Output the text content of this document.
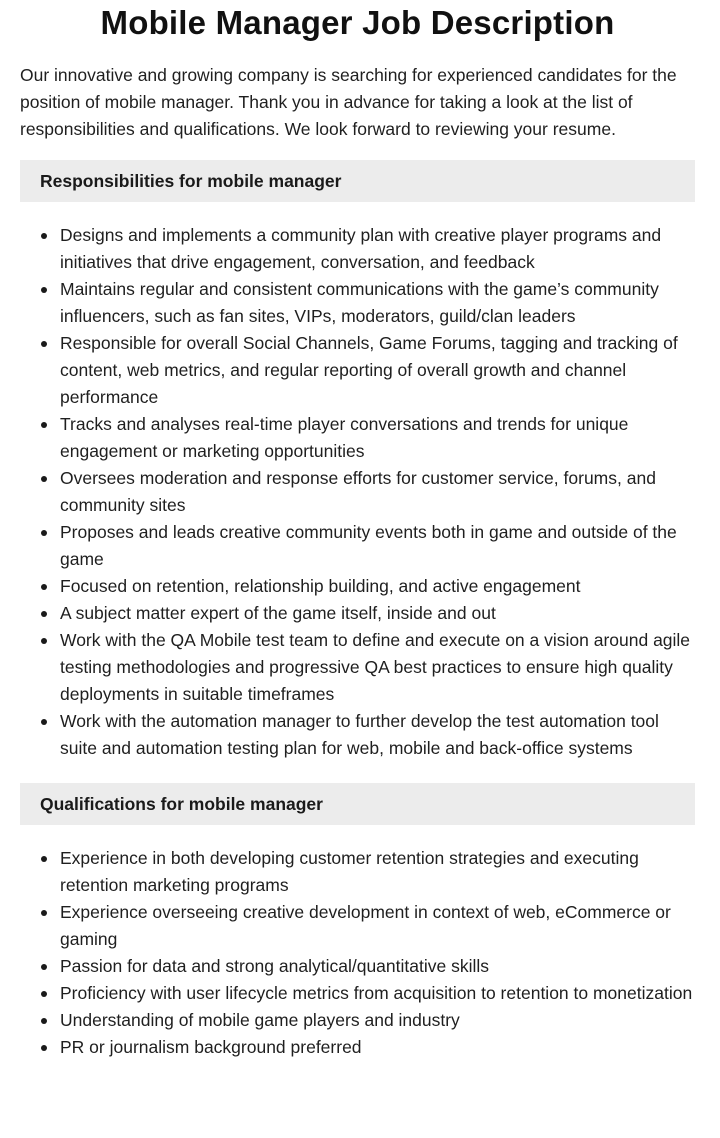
Mobile Manager Job Description

Our innovative and growing company is searching for experienced candidates for the position of mobile manager. Thank you in advance for taking a look at the list of responsibilities and qualifications. We look forward to reviewing your resume.

Responsibilities for mobile manager
Designs and implements a community plan with creative player programs and initiatives that drive engagement, conversation, and feedback
Maintains regular and consistent communications with the game’s community influencers, such as fan sites, VIPs, moderators, guild/clan leaders
Responsible for overall Social Channels, Game Forums, tagging and tracking of content, web metrics, and regular reporting of overall growth and channel performance
Tracks and analyses real-time player conversations and trends for unique engagement or marketing opportunities
Oversees moderation and response efforts for customer service, forums, and community sites
Proposes and leads creative community events both in game and outside of the game
Focused on retention, relationship building, and active engagement
A subject matter expert of the game itself, inside and out
Work with the QA Mobile test team to define and execute on a vision around agile testing methodologies and progressive QA best practices to ensure high quality deployments in suitable timeframes
Work with the automation manager to further develop the test automation tool suite and automation testing plan for web, mobile and back-office systems
Qualifications for mobile manager
Experience in both developing customer retention strategies and executing retention marketing programs
Experience overseeing creative development in context of web, eCommerce or gaming
Passion for data and strong analytical/quantitative skills
Proficiency with user lifecycle metrics from acquisition to retention to monetization
Understanding of mobile game players and industry
PR or journalism background preferred
